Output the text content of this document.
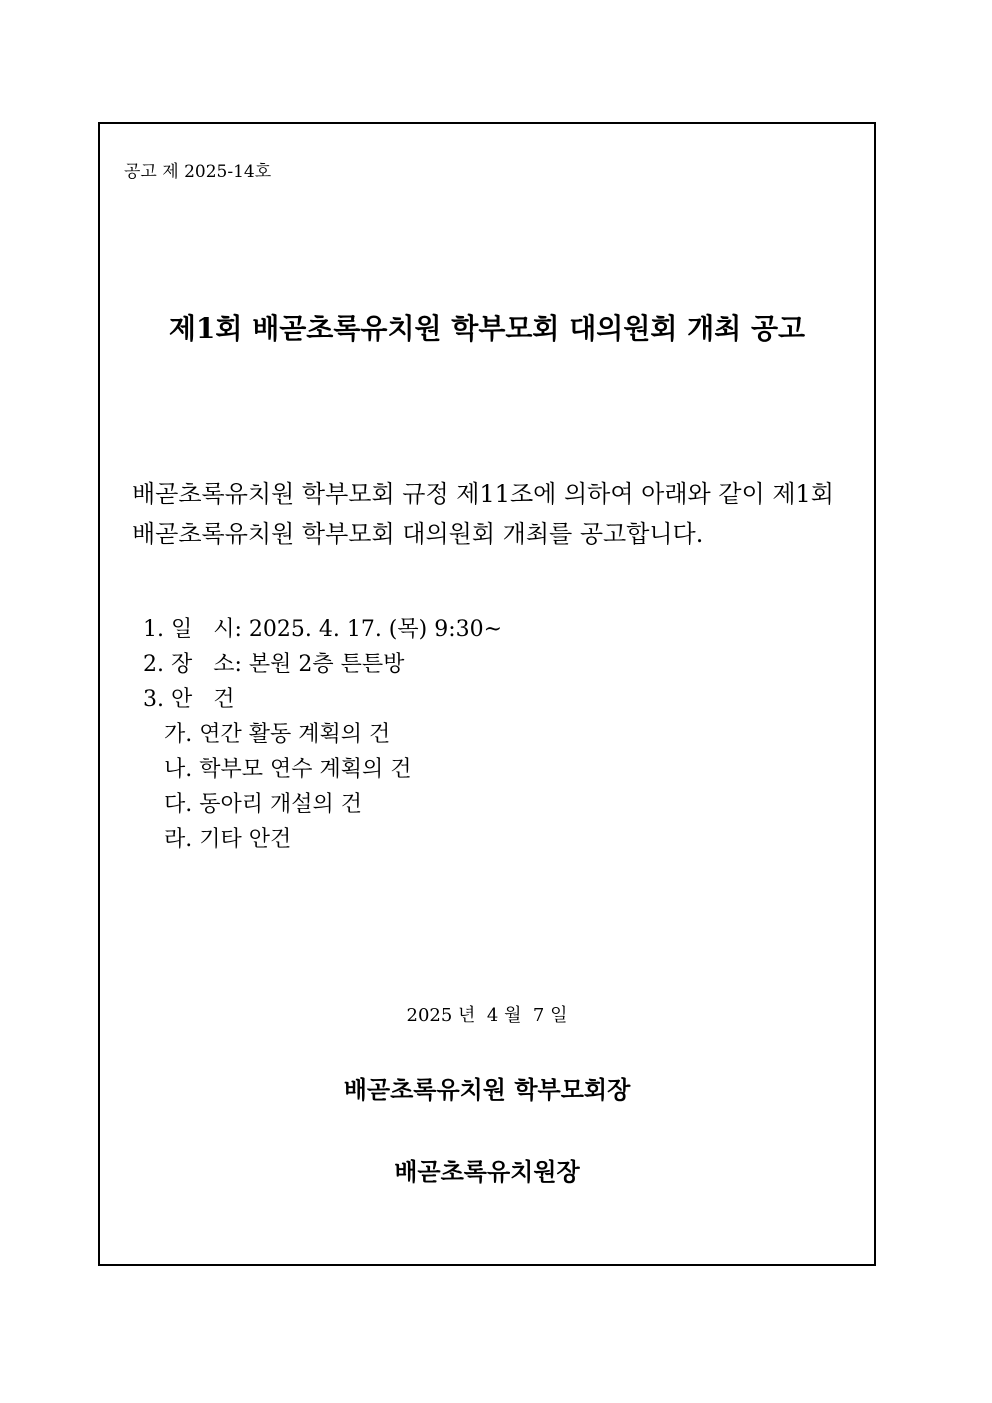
공고 제 2025-14호
제1회 배곧초록유치원 학부모회 대의원회 개최 공고
배곧초록유치원 학부모회 규정 제11조에 의하여 아래와 같이 제1회
배곧초록유치원 학부모회 대의원회 개최를 공고합니다.
1. 일   시: 2025. 4. 17. (목) 9:30~
2. 장   소: 본원 2층 튼튼방
3. 안   건
가. 연간 활동 계획의 건
나. 학부모 연수 계획의 건
다. 동아리 개설의 건
라. 기타 안건
2025 년  4 월  7 일
배곧초록유치원 학부모회장
배곧초록유치원장
